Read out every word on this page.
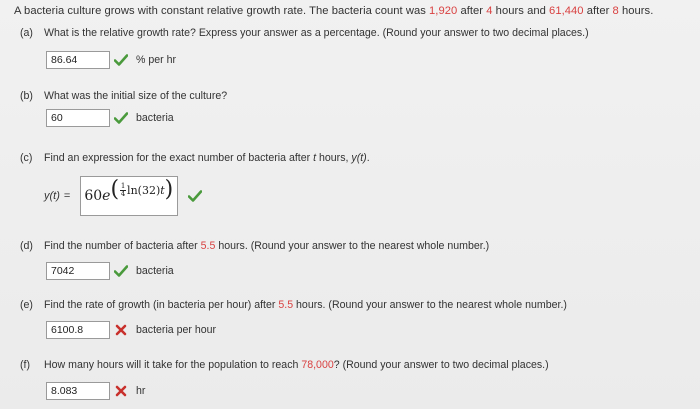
A bacteria culture grows with constant relative growth rate. The bacteria count was 1,920 after 4 hours and 61,440 after 8 hours.
(a) What is the relative growth rate? Express your answer as a percentage. (Round your answer to two decimal places.)
86.64	% per hr
(b) What was the initial size of the culture?
60	bacteria
(c) Find an expression for the exact number of bacteria after t hours, y(t).
y(t) = 60 e ( $\frac{1}{4}$ ln (32) t )
(d) Find the number of bacteria after 5.5 hours. (Round your answer to the nearest whole number.)
7042	bacteria
(e) Find the rate of growth (in bacteria per hour) after 5.5 hours. (Round your answer to the nearest whole number.)
6100.8	bacteria per hour
(f) How many hours will it take for the population to reach 78,000? (Round your answer to two decimal places.)
8.083	hr
